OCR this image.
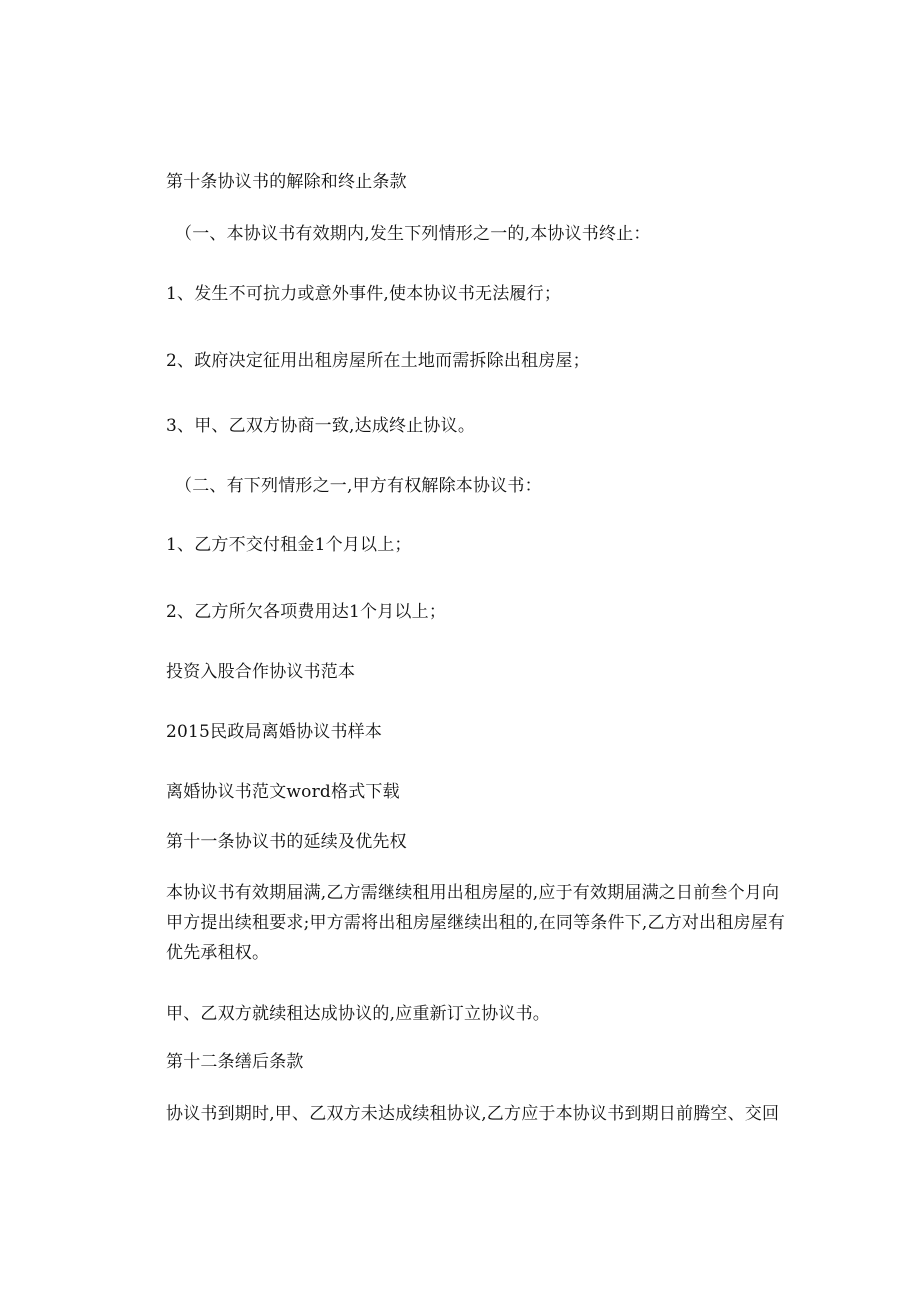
第十条协议书的解除和终止条款

（一、本协议书有效期内,发生下列情形之一的,本协议书终止：

1、发生不可抗力或意外事件,使本协议书无法履行；

2、政府决定征用出租房屋所在土地而需拆除出租房屋；

3、甲、乙双方协商一致,达成终止协议。

（二、有下列情形之一,甲方有权解除本协议书：

1、乙方不交付租金1个月以上；

2、乙方所欠各项费用达1个月以上；

投资入股合作协议书范本

2015民政局离婚协议书样本

离婚协议书范文word格式下载

第十一条协议书的延续及优先权

本协议书有效期届满,乙方需继续租用出租房屋的,应于有效期届满之日前叁个月向甲方提出续租要求;甲方需将出租房屋继续出租的,在同等条件下,乙方对出租房屋有优先承租权。

甲、乙双方就续租达成协议的,应重新订立协议书。

第十二条缮后条款

协议书到期时,甲、乙双方未达成续租协议,乙方应于本协议书到期日前腾空、交回
